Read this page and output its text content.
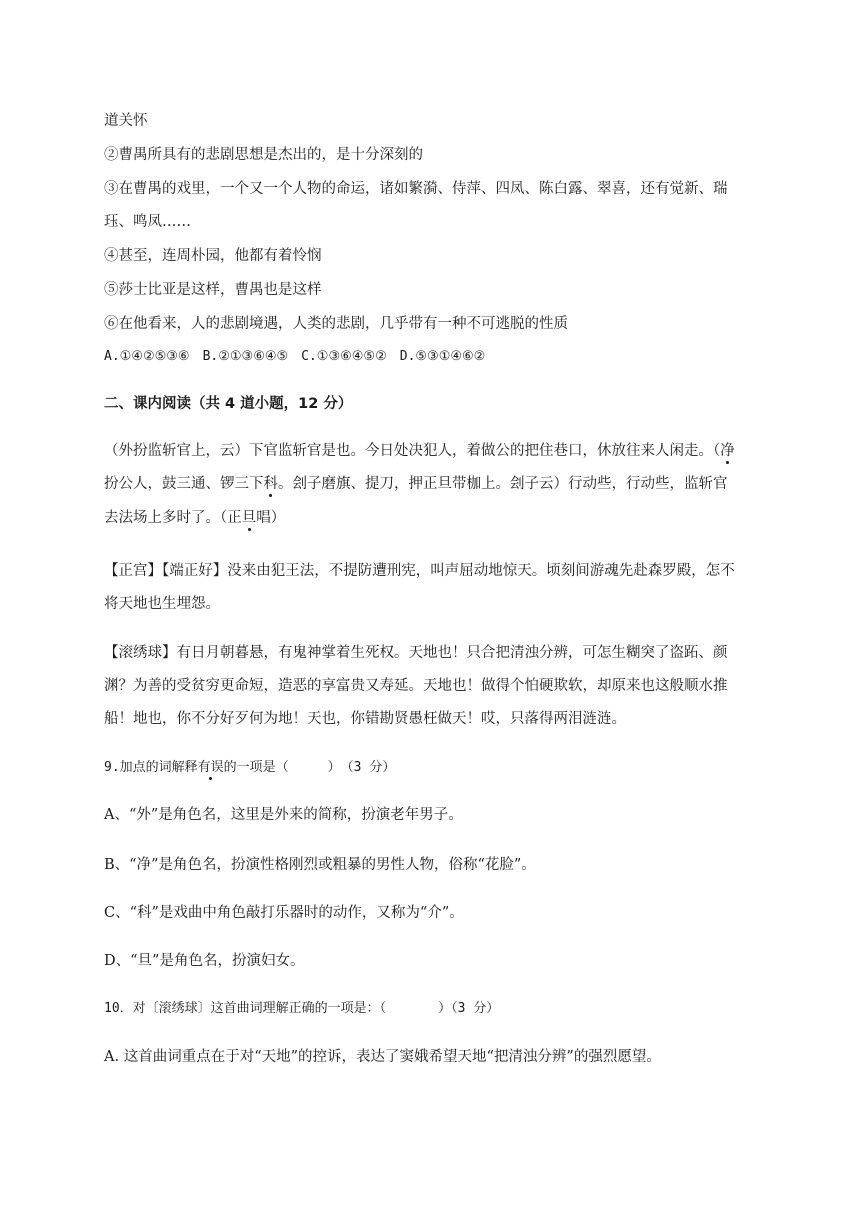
道关怀
②曹禺所具有的悲剧思想是杰出的，是十分深刻的
③在曹禺的戏里，一个又一个人物的命运，诸如繁漪、侍萍、四凤、陈白露、翠喜，还有觉新、瑞
珏、鸣凤……
④甚至，连周朴园，他都有着怜悯
⑤莎士比亚是这样，曹禺也是这样
⑥在他看来，人的悲剧境遇，人类的悲剧，几乎带有一种不可逃脱的性质
A.①④②⑤③⑥　B.②①③⑥④⑤　C.①③⑥④⑤②　D.⑤③①④⑥②
二、课内阅读（共 4 道小题，12 分）
（外扮监斩官上，云）下官监斩官是也。今日处决犯人，着做公的把住巷口，休放往来人闲走。（净
扮公人，鼓三通、锣三下科。刽子磨旗、提刀，押正旦带枷上。刽子云）行动些，行动些，监斩官
去法场上多时了。（正旦唱）
【正宫】【端正好】没来由犯王法，不提防遭刑宪，叫声屈动地惊天。顷刻间游魂先赴森罗殿，怎不
将天地也生埋怨。
【滚绣球】有日月朝暮悬，有鬼神掌着生死权。天地也！只合把清浊分辨，可怎生糊突了盗跖、颜
渊？为善的受贫穷更命短，造恶的享富贵又寿延。天地也！做得个怕硬欺软，却原来也这般顺水推
船！地也，你不分好歹何为地！天也，你错勘贤愚枉做天！哎，只落得两泪涟涟。
9.加点的词解释有误的一项是（　　　）　（3 分）
A、“外”是角色名，这里是外来的简称，扮演老年男子。
B、“净”是角色名，扮演性格刚烈或粗暴的男性人物，俗称“花脸”。
C、“科”是戏曲中角色敲打乐器时的动作，又称为“介”。
D、“旦”是角色名，扮演妇女。
10．对〔滚绣球〕这首曲词理解正确的一项是：（　　　　）（3 分）
A. 这首曲词重点在于对“天地”的控诉，表达了窦娥希望天地“把清浊分辨”的强烈愿望。
